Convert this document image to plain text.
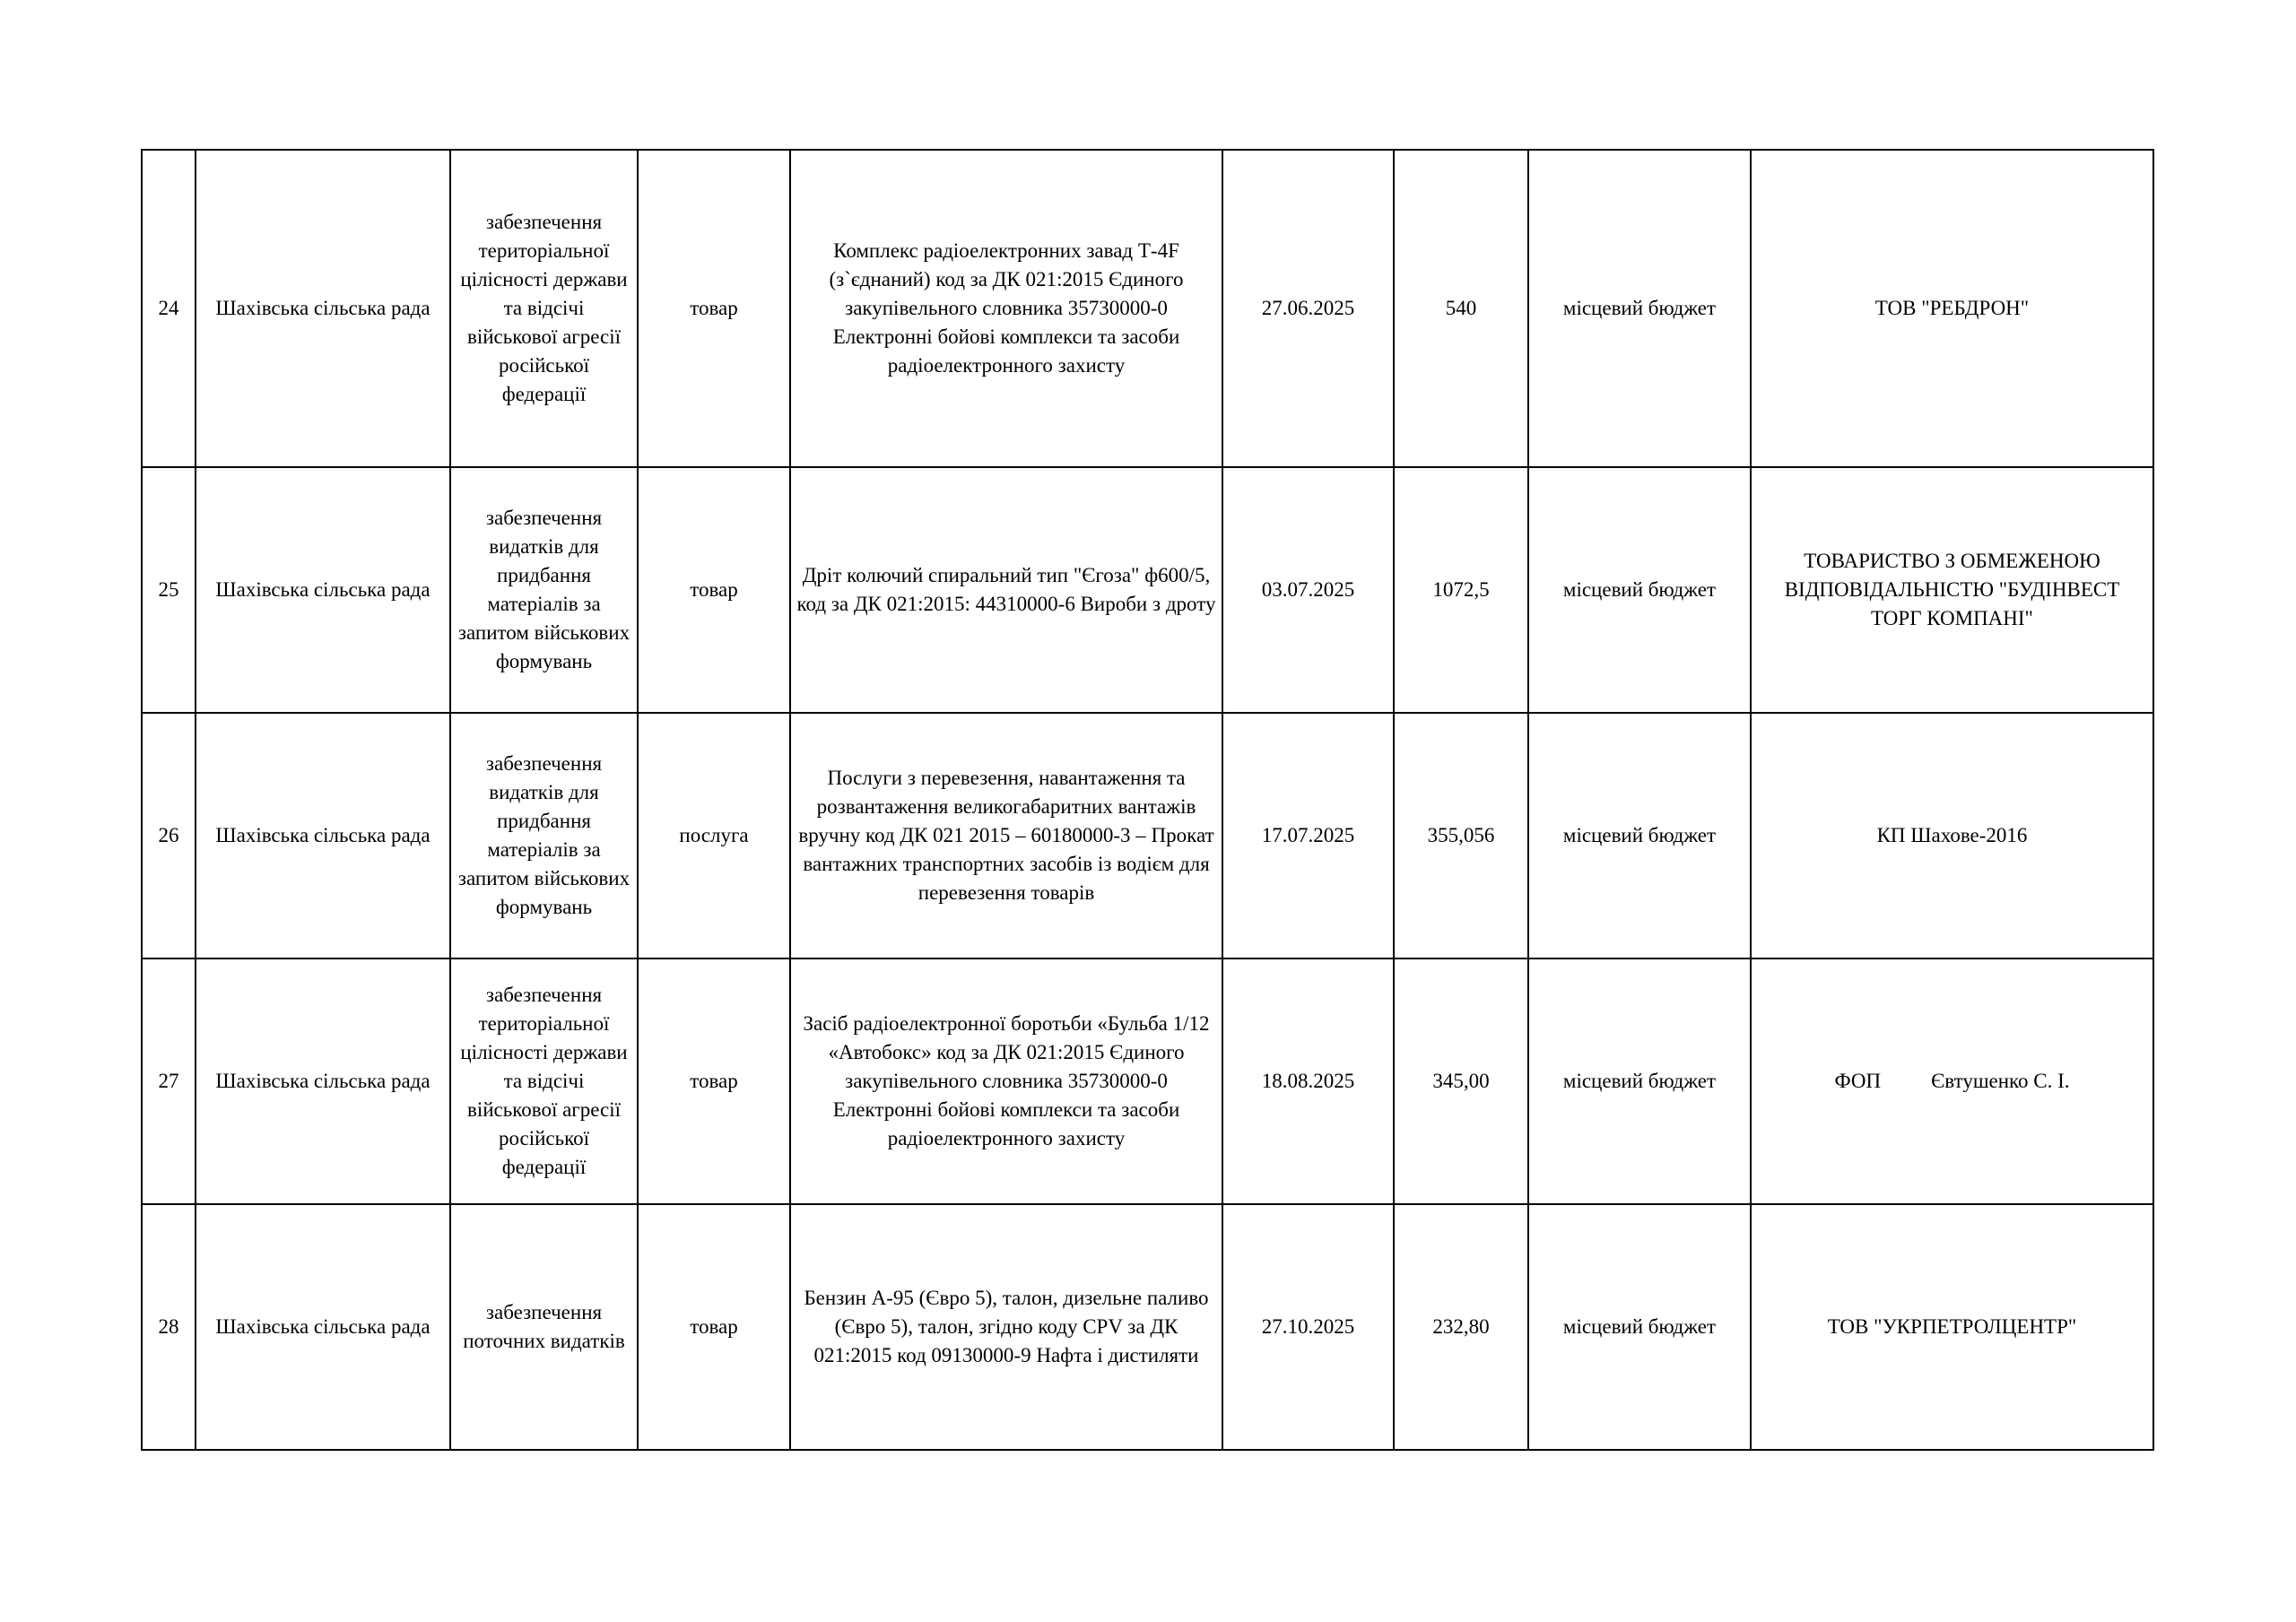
24	Шахівська сільська рада	забезпечення територіальної цілісності держави та відсічі військової агресії російської федерації	товар	Комплекс радіоелектронних завад Т-4F (з`єднаний) код за ДК 021:2015 Єдиного закупівельного словника 35730000-0 Електронні бойові комплекси та засоби радіоелектронного захисту	27.06.2025	540	місцевий бюджет	ТОВ "РЕБДРОН"
25	Шахівська сільська рада	забезпечення видатків для придбання матеріалів за запитом військових формувань	товар	Дріт колючий спиральний тип "Єгоза" ф600/5, код за ДК 021:2015: 44310000-6 Вироби з дроту	03.07.2025	1072,5	місцевий бюджет	ТОВАРИСТВО З ОБМЕЖЕНОЮ ВІДПОВІДАЛЬНІСТЮ "БУДІНВЕСТ ТОРГ КОМПАНІ"
26	Шахівська сільська рада	забезпечення видатків для придбання матеріалів за запитом військових формувань	послуга	Послуги з перевезення, навантаження та розвантаження великогабаритних вантажів вручну код ДК 021 2015 – 60180000-3 – Прокат вантажних транспортних засобів із водієм для перевезення товарів	17.07.2025	355,056	місцевий бюджет	КП Шахове-2016
27	Шахівська сільська рада	забезпечення територіальної цілісності держави та відсічі військової агресії російської федерації	товар	Засіб радіоелектронної боротьби «Бульба 1/12 «Автобокс» код за ДК 021:2015 Єдиного закупівельного словника 35730000-0 Електронні бойові комплекси та засоби радіоелектронного захисту	18.08.2025	345,00	місцевий бюджет	ФОП Євтушенко С. І.
28	Шахівська сільська рада	забезпечення поточних видатків	товар	Бензин А-95 (Євро 5), талон, дизельне паливо (Євро 5), талон, згідно коду CPV за ДК 021:2015 код 09130000-9 Нафта і дистиляти	27.10.2025	232,80	місцевий бюджет	ТОВ "УКРПЕТРОЛЦЕНТР"
